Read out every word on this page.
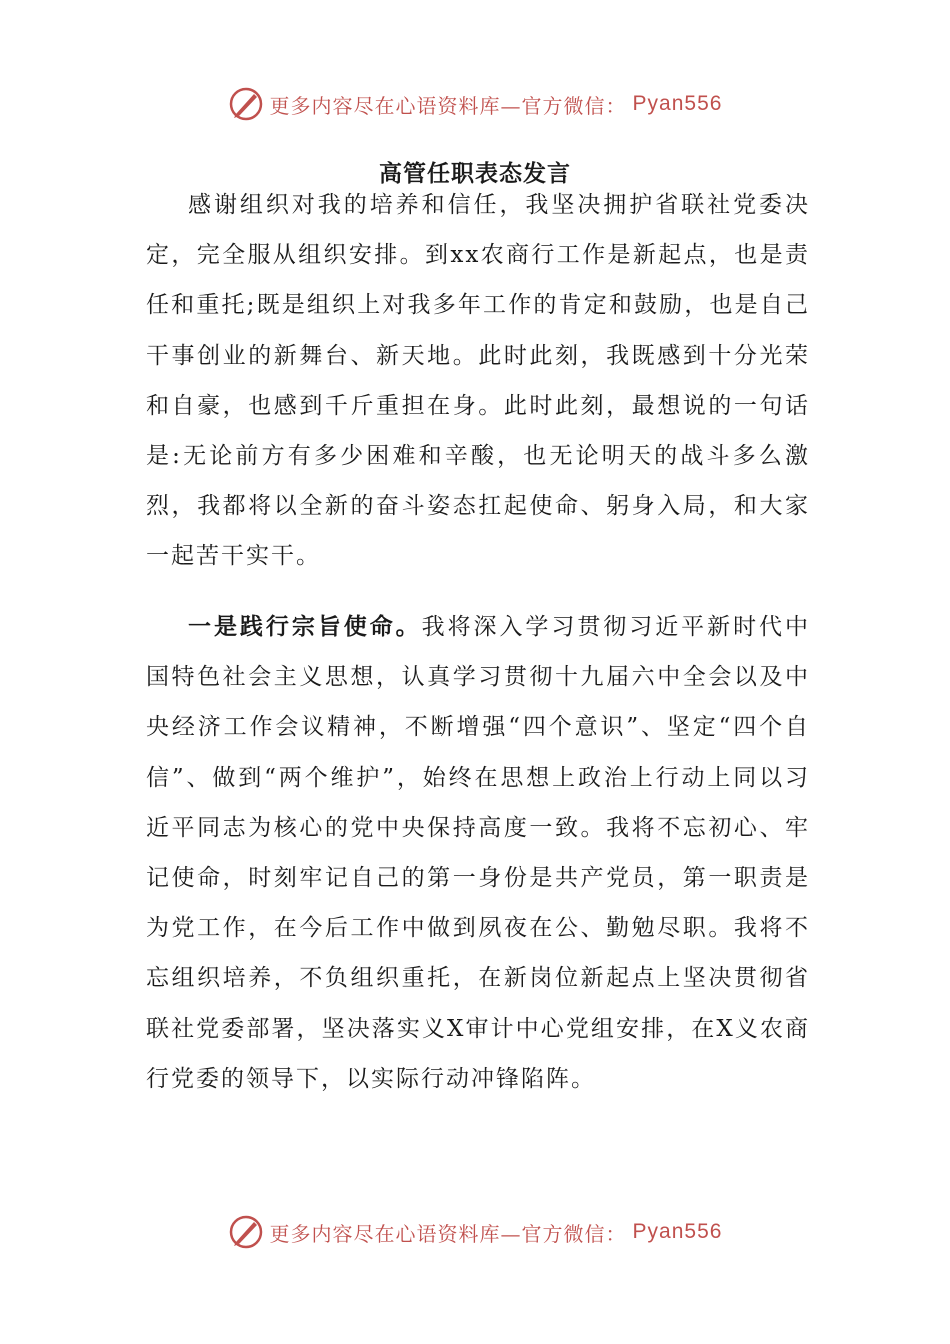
更多内容尽在心语资料库—官方微信： Pyan556
高管任职表态发言

感谢组织对我的培养和信任，我坚决拥护省联社党委决定，完全服从组织安排。到xx农商行工作是新起点，也是责任和重托;既是组织上对我多年工作的肯定和鼓励，也是自己干事创业的新舞台、新天地。此时此刻，我既感到十分光荣和自豪，也感到千斤重担在身。此时此刻，最想说的一句话是:无论前方有多少困难和辛酸，也无论明天的战斗多么激烈，我都将以全新的奋斗姿态扛起使命、躬身入局，和大家一起苦干实干。

一是践行宗旨使命。我将深入学习贯彻习近平新时代中国特色社会主义思想，认真学习贯彻十九届六中全会以及中央经济工作会议精神，不断增强“四个意识”、坚定“四个自信”、做到“两个维护”，始终在思想上政治上行动上同以习近平同志为核心的党中央保持高度一致。我将不忘初心、牢记使命，时刻牢记自己的第一身份是共产党员，第一职责是为党工作，在今后工作中做到夙夜在公、勤勉尽职。我将不忘组织培养，不负组织重托，在新岗位新起点上坚决贯彻省联社党委部署，坚决落实义X审计中心党组安排，在X义农商行党委的领导下，以实际行动冲锋陷阵。

更多内容尽在心语资料库—官方微信： Pyan556
